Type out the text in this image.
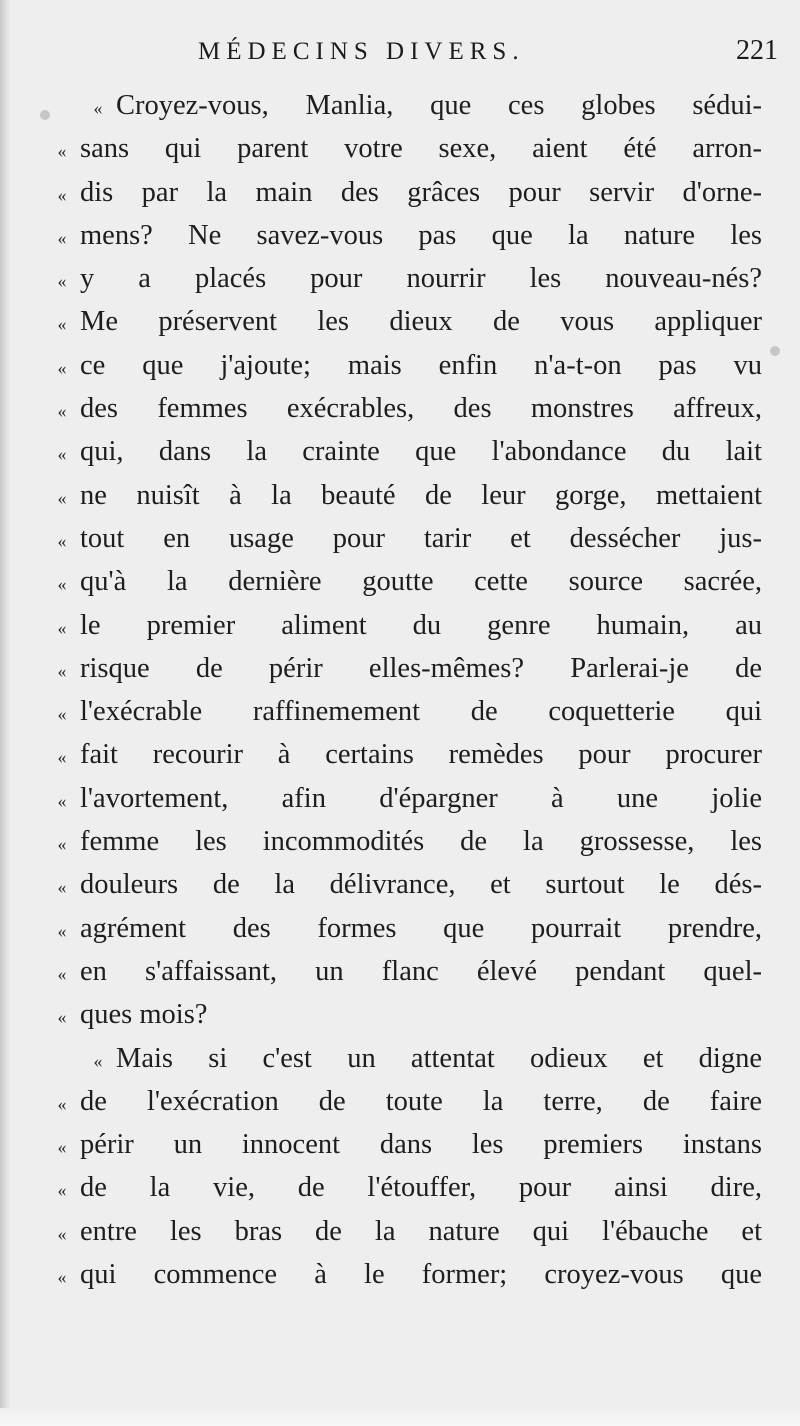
MÉDECINS DIVERS.	221
« Croyez-vous, Manlia, que ces globes sédui-
« sans qui parent votre sexe, aient été arron-
« dis par la main des grâces pour servir d'orne-
« mens? Ne savez-vous pas que la nature les
« y a placés pour nourrir les nouveau-nés?
« Me préservent les dieux de vous appliquer
« ce que j'ajoute; mais enfin n'a-t-on pas vu
« des femmes exécrables, des monstres affreux,
« qui, dans la crainte que l'abondance du lait
« ne nuisît à la beauté de leur gorge, mettaient
« tout en usage pour tarir et dessécher jus-
« qu'à la dernière goutte cette source sacrée,
« le premier aliment du genre humain, au
« risque de périr elles-mêmes? Parlerai-je de
« l'exécrable raffinemement de coquetterie qui
« fait recourir à certains remèdes pour procurer
« l'avortement, afin d'épargner à une jolie
« femme les incommodités de la grossesse, les
« douleurs de la délivrance, et surtout le dés-
« agrément des formes que pourrait prendre,
« en s'affaissant, un flanc élevé pendant quel-
« ques mois?
« Mais si c'est un attentat odieux et digne
« de l'exécration de toute la terre, de faire
« périr un innocent dans les premiers instans
« de la vie, de l'étouffer, pour ainsi dire,
« entre les bras de la nature qui l'ébauche et
« qui commence à le former; croyez-vous que
